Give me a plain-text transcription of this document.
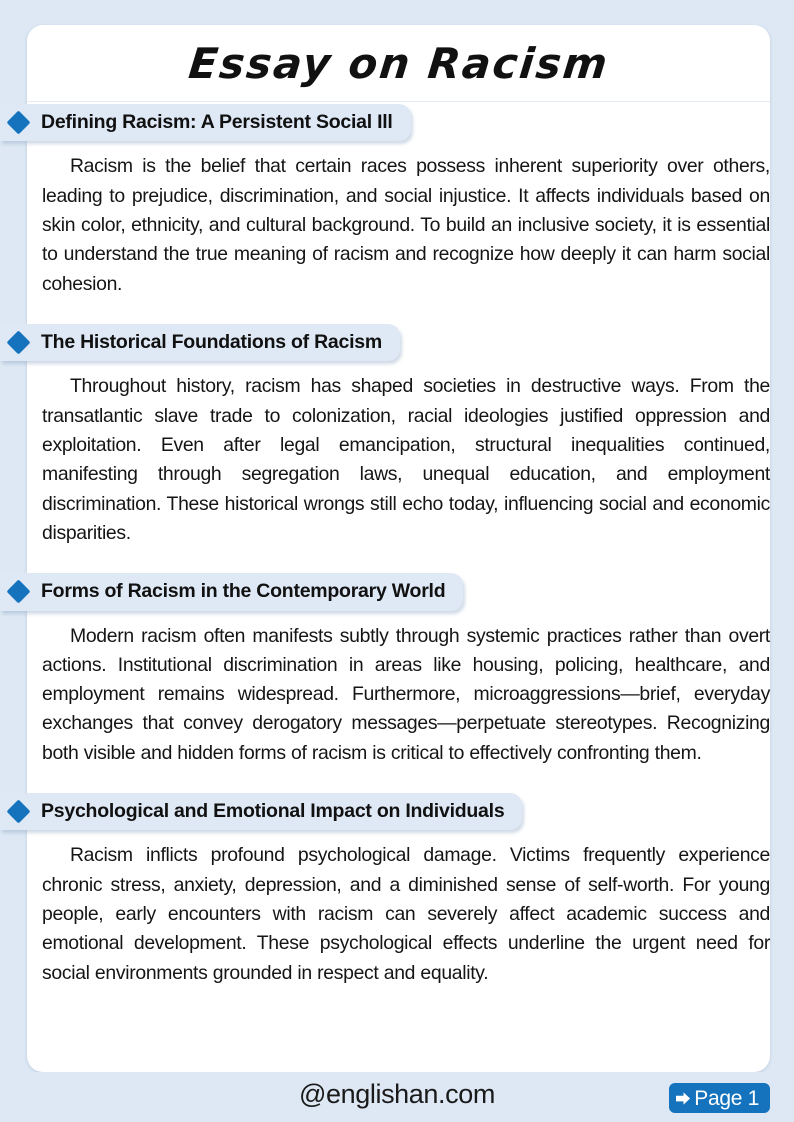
Essay on Racism
Defining Racism: A Persistent Social Ill

Racism is the belief that certain races possess inherent superiority over others, leading to prejudice, discrimination, and social injustice. It affects individuals based on skin color, ethnicity, and cultural background. To build an inclusive society, it is essential to understand the true meaning of racism and recognize how deeply it can harm social cohesion.

The Historical Foundations of Racism

Throughout history, racism has shaped societies in destructive ways. From the transatlantic slave trade to colonization, racial ideologies justified oppression and exploitation. Even after legal emancipation, structural inequalities continued, manifesting through segregation laws, unequal education, and employment discrimination. These historical wrongs still echo today, influencing social and economic disparities.

Forms of Racism in the Contemporary World

Modern racism often manifests subtly through systemic practices rather than overt actions. Institutional discrimination in areas like housing, policing, healthcare, and employment remains widespread. Furthermore, microaggressions—brief, everyday exchanges that convey derogatory messages—perpetuate stereotypes. Recognizing both visible and hidden forms of racism is critical to effectively confronting them.

Psychological and Emotional Impact on Individuals

Racism inflicts profound psychological damage. Victims frequently experience chronic stress, anxiety, depression, and a diminished sense of self-worth. For young people, early encounters with racism can severely affect academic success and emotional development. These psychological effects underline the urgent need for social environments grounded in respect and equality.

@englishan.com	Page 1
